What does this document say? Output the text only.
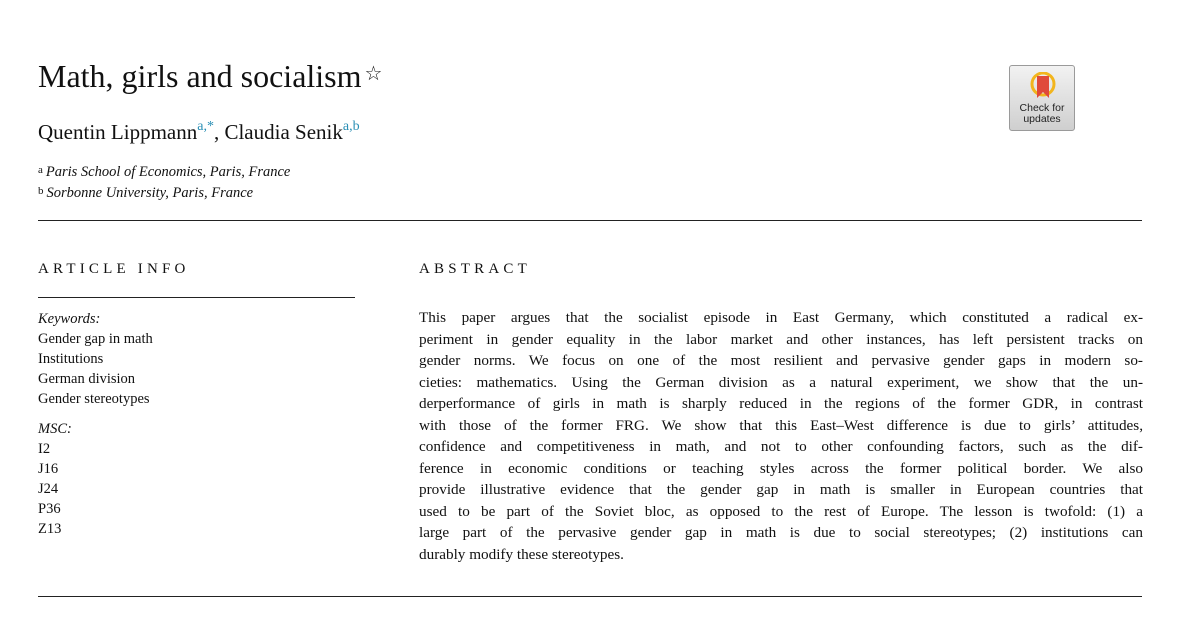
Math, girls and socialism ☆
Quentin Lippmann$^{a,*}$, Claudia Senik$^{a,b}$
$^a$ Paris School of Economics, Paris, France
$^b$ Sorbonne University, Paris, France
Check for
updates
ARTICLE INFO	ABSTRACT
Keywords:
Gender gap in math
Institutions
German division
Gender stereotypes
MSC:
I2
J16
J24
P36
Z13

This paper argues that the socialist episode in East Germany, which constituted a radical ex-
periment in gender equality in the labor market and other instances, has left persistent tracks on
gender norms. We focus on one of the most resilient and pervasive gender gaps in modern so-
cieties: mathematics. Using the German division as a natural experiment, we show that the un-
derperformance of girls in math is sharply reduced in the regions of the former GDR, in contrast
with those of the former FRG. We show that this East–West difference is due to girls’ attitudes,
confidence and competitiveness in math, and not to other confounding factors, such as the dif-
ference in economic conditions or teaching styles across the former political border. We also
provide illustrative evidence that the gender gap in math is smaller in European countries that
used to be part of the Soviet bloc, as opposed to the rest of Europe. The lesson is twofold: (1) a
large part of the pervasive gender gap in math is due to social stereotypes; (2) institutions can
durably modify these stereotypes.
